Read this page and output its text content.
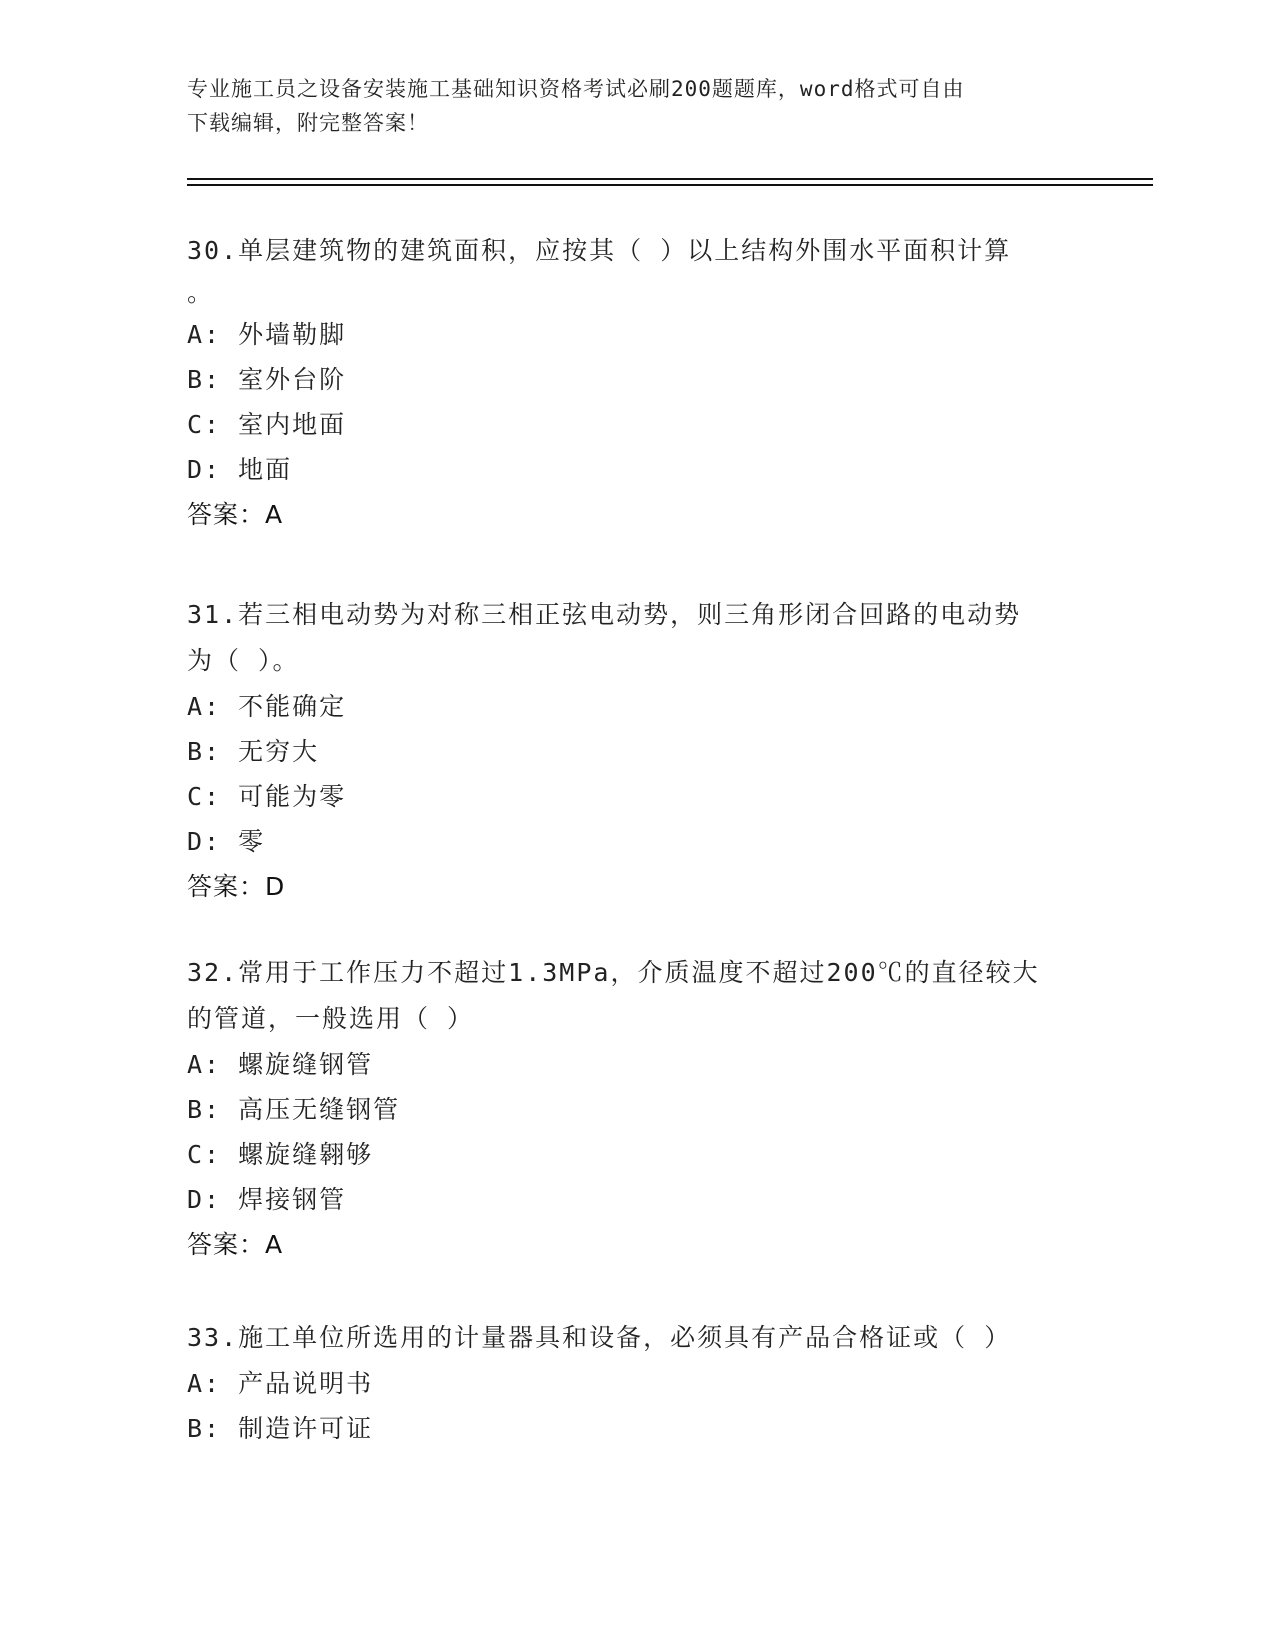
专业施工员之设备安装施工基础知识资格考试必刷200题题库，word格式可自由
下载编辑，附完整答案！

30.单层建筑物的建筑面积，应按其（ ）以上结构外围水平面积计算

。

A: 外墙勒脚

B: 室外台阶

C: 室内地面

D: 地面

答案：A

31.若三相电动势为对称三相正弦电动势，则三角形闭合回路的电动势

为（ ）。

A: 不能确定

B: 无穷大

C: 可能为零

D: 零

答案：D

32.常用于工作压力不超过1.3MPa，介质温度不超过200℃的直径较大

的管道，一般选用（ ）

A: 螺旋缝钢管

B: 高压无缝钢管

C: 螺旋缝翱够

D: 焊接钢管

答案：A

33.施工单位所选用的计量器具和设备，必须具有产品合格证或（ ）

A: 产品说明书

B: 制造许可证
